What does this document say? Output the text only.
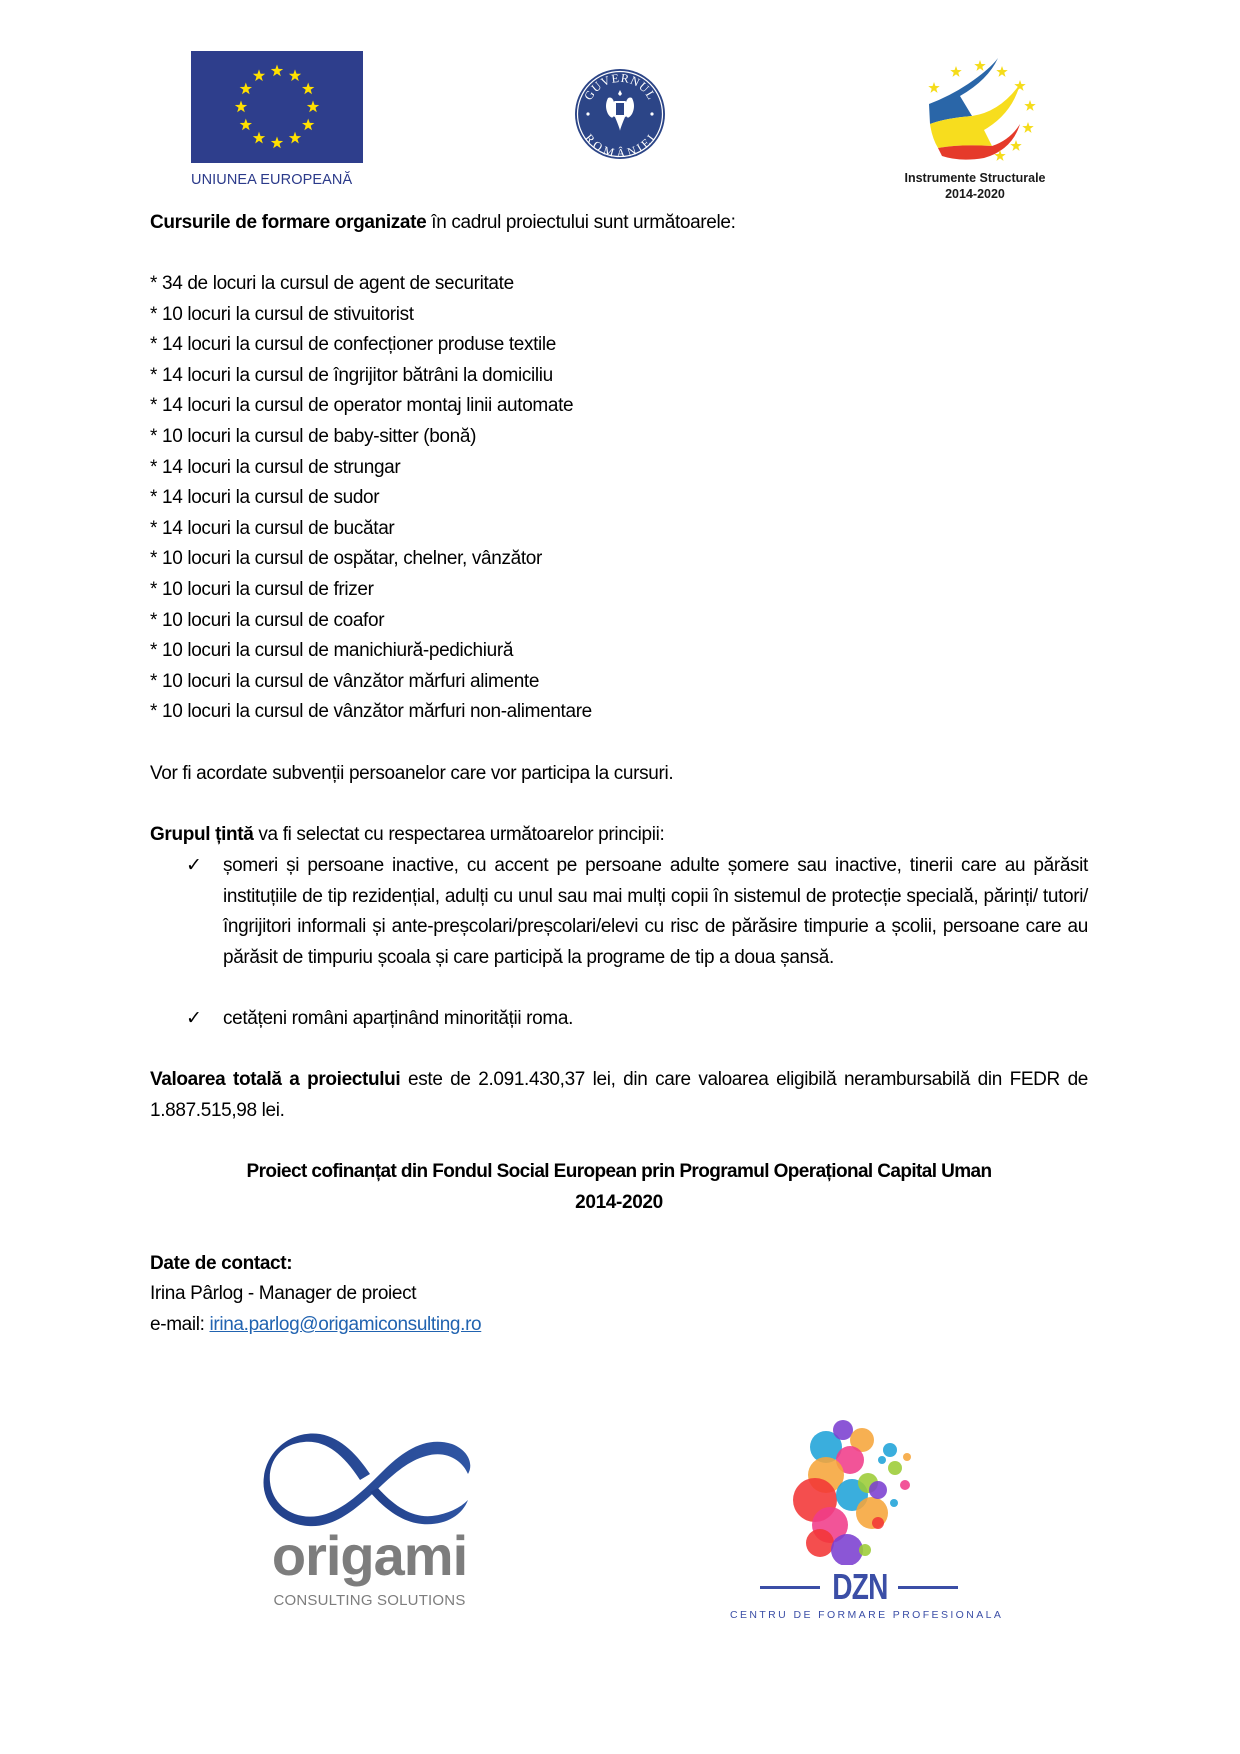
UNIUNEA EUROPEANĂ
GUVERNUL
ROMÂNIEI
Instrumente Structurale
2014-2020
Cursurile de formare organizate în cadrul proiectului sunt următoarele:
* 34 de locuri la cursul de agent de securitate
* 10 locuri la cursul de stivuitorist
* 14 locuri la cursul de confecționer produse textile
* 14 locuri la cursul de îngrijitor bătrâni la domiciliu
* 14 locuri la cursul de operator montaj linii automate
* 10 locuri la cursul de baby-sitter (bonă)
* 14 locuri la cursul de strungar
* 14 locuri la cursul de sudor
* 14 locuri la cursul de bucătar
* 10 locuri la cursul de ospătar, chelner, vânzător
* 10 locuri la cursul de frizer
* 10 locuri la cursul de coafor
* 10 locuri la cursul de manichiură-pedichiură
* 10 locuri la cursul de vânzător mărfuri alimente
* 10 locuri la cursul de vânzător mărfuri non-alimentare
Vor fi acordate subvenții persoanelor care vor participa la cursuri.
Grupul țintă va fi selectat cu respectarea următoarelor principii:
✓ șomeri și persoane inactive, cu accent pe persoane adulte șomere sau inactive, tinerii care au părăsit instituțiile de tip rezidențial, adulți cu unul sau mai mulți copii în sistemul de protecție specială, părinți/ tutori/ îngrijitori informali și ante-preșcolari/preșcolari/elevi cu risc de părăsire timpurie a școlii, persoane care au părăsit de timpuriu școala și care participă la programe de tip a doua șansă.
✓ cetățeni români aparținând minorității roma.
Valoarea totală a proiectului este de 2.091.430,37 lei, din care valoarea eligibilă nerambursabilă din FEDR de 1.887.515,98 lei.
Proiect cofinanțat din Fondul Social European prin Programul Operațional Capital Uman
2014-2020
Date de contact:
Irina Pârlog - Manager de proiect
e-mail: irina.parlog@origamiconsulting.ro
origami
CONSULTING SOLUTIONS	DZN
CENTRU DE FORMARE PROFESIONALA
